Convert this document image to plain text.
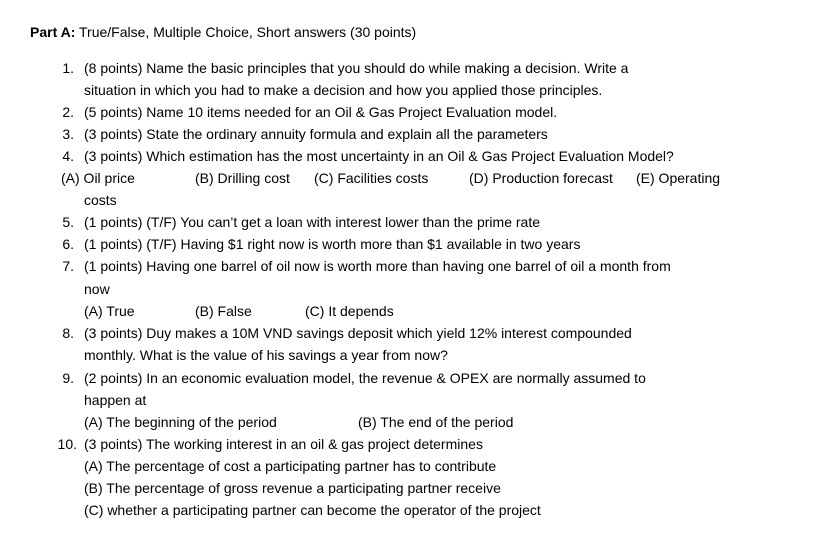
Part A: True/False, Multiple Choice, Short answers (30 points)
1. (8 points) Name the basic principles that you should do while making a decision. Write a
situation in which you had to make a decision and how you applied those principles.
2. (5 points) Name 10 items needed for an Oil & Gas Project Evaluation model.
3. (3 points) State the ordinary annuity formula and explain all the parameters
4. (3 points) Which estimation has the most uncertainty in an Oil & Gas Project Evaluation Model?
(A) Oil price	(B) Drilling cost (C) Facilities costs	(D) Production forecast (E) Operating
costs
5. (1 points) (T/F) You can’t get a loan with interest lower than the prime rate
6. (1 points) (T/F) Having $1 right now is worth more than $1 available in two years
7. (1 points) Having one barrel of oil now is worth more than having one barrel of oil a month from
now
(A) True	(B) False	(C) It depends
8. (3 points) Duy makes a 10M VND savings deposit which yield 12% interest compounded
monthly. What is the value of his savings a year from now?
9. (2 points) In an economic evaluation model, the revenue & OPEX are normally assumed to
happen at
(A) The beginning of the period	(B) The end of the period
10. (3 points) The working interest in an oil & gas project determines
(A) The percentage of cost a participating partner has to contribute
(B) The percentage of gross revenue a participating partner receive
(C) whether a participating partner can become the operator of the project
